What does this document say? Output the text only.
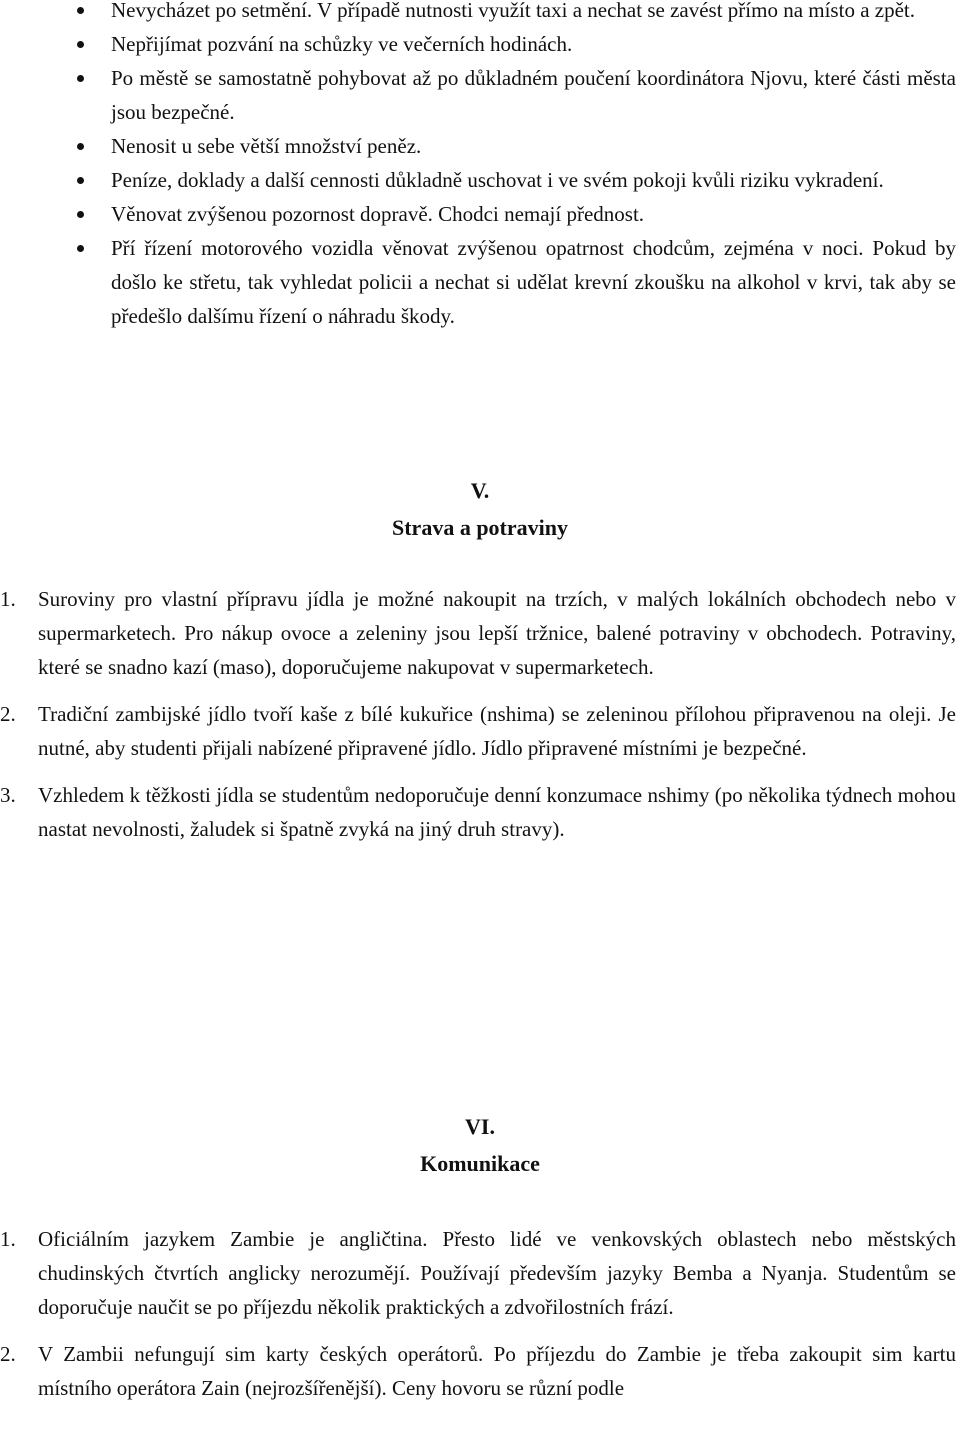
Nevycházet po setmění. V případě nutnosti využít taxi a nechat se zavést přímo na místo a zpět.
Nepřijímat pozvání na schůzky ve večerních hodinách.
Po městě se samostatně pohybovat až po důkladném poučení koordinátora Njovu, které části města jsou bezpečné.
Nenosit u sebe větší množství peněz.
Peníze, doklady a další cennosti důkladně uschovat i ve svém pokoji kvůli riziku vykradení.
Věnovat zvýšenou pozornost dopravě. Chodci nemají přednost.
Pří řízení motorového vozidla věnovat zvýšenou opatrnost chodcům, zejména v noci. Pokud by došlo ke střetu, tak vyhledat policii a nechat si udělat krevní zkoušku na alkohol v krvi, tak aby se předešlo dalšímu řízení o náhradu škody.
V.
Strava a potraviny
1. Suroviny pro vlastní přípravu jídla je možné nakoupit na trzích, v malých lokálních obchodech nebo v supermarketech. Pro nákup ovoce a zeleniny jsou lepší tržnice, balené potraviny v obchodech. Potraviny, které se snadno kazí (maso), doporučujeme nakupovat v supermarketech.
2. Tradiční zambijské jídlo tvoří kaše z bílé kukuřice (nshima) se zeleninou přílohou připravenou na oleji. Je nutné, aby studenti přijali nabízené připravené jídlo. Jídlo připravené místními je bezpečné.
3. Vzhledem k těžkosti jídla se studentům nedoporučuje denní konzumace nshimy (po několika týdnech mohou nastat nevolnosti, žaludek si špatně zvyká na jiný druh stravy).
VI.
Komunikace
1. Oficiálním jazykem Zambie je angličtina. Přesto lidé ve venkovských oblastech nebo městských chudinských čtvrtích anglicky nerozumějí. Používají především jazyky Bemba a Nyanja. Studentům se doporučuje naučit se po příjezdu několik praktických a zdvořilostních frází.
2. V Zambii nefungují sim karty českých operátorů. Po příjezdu do Zambie je třeba zakoupit sim kartu místního operátora Zain (nejrozšířenější). Ceny hovoru se různí podle
